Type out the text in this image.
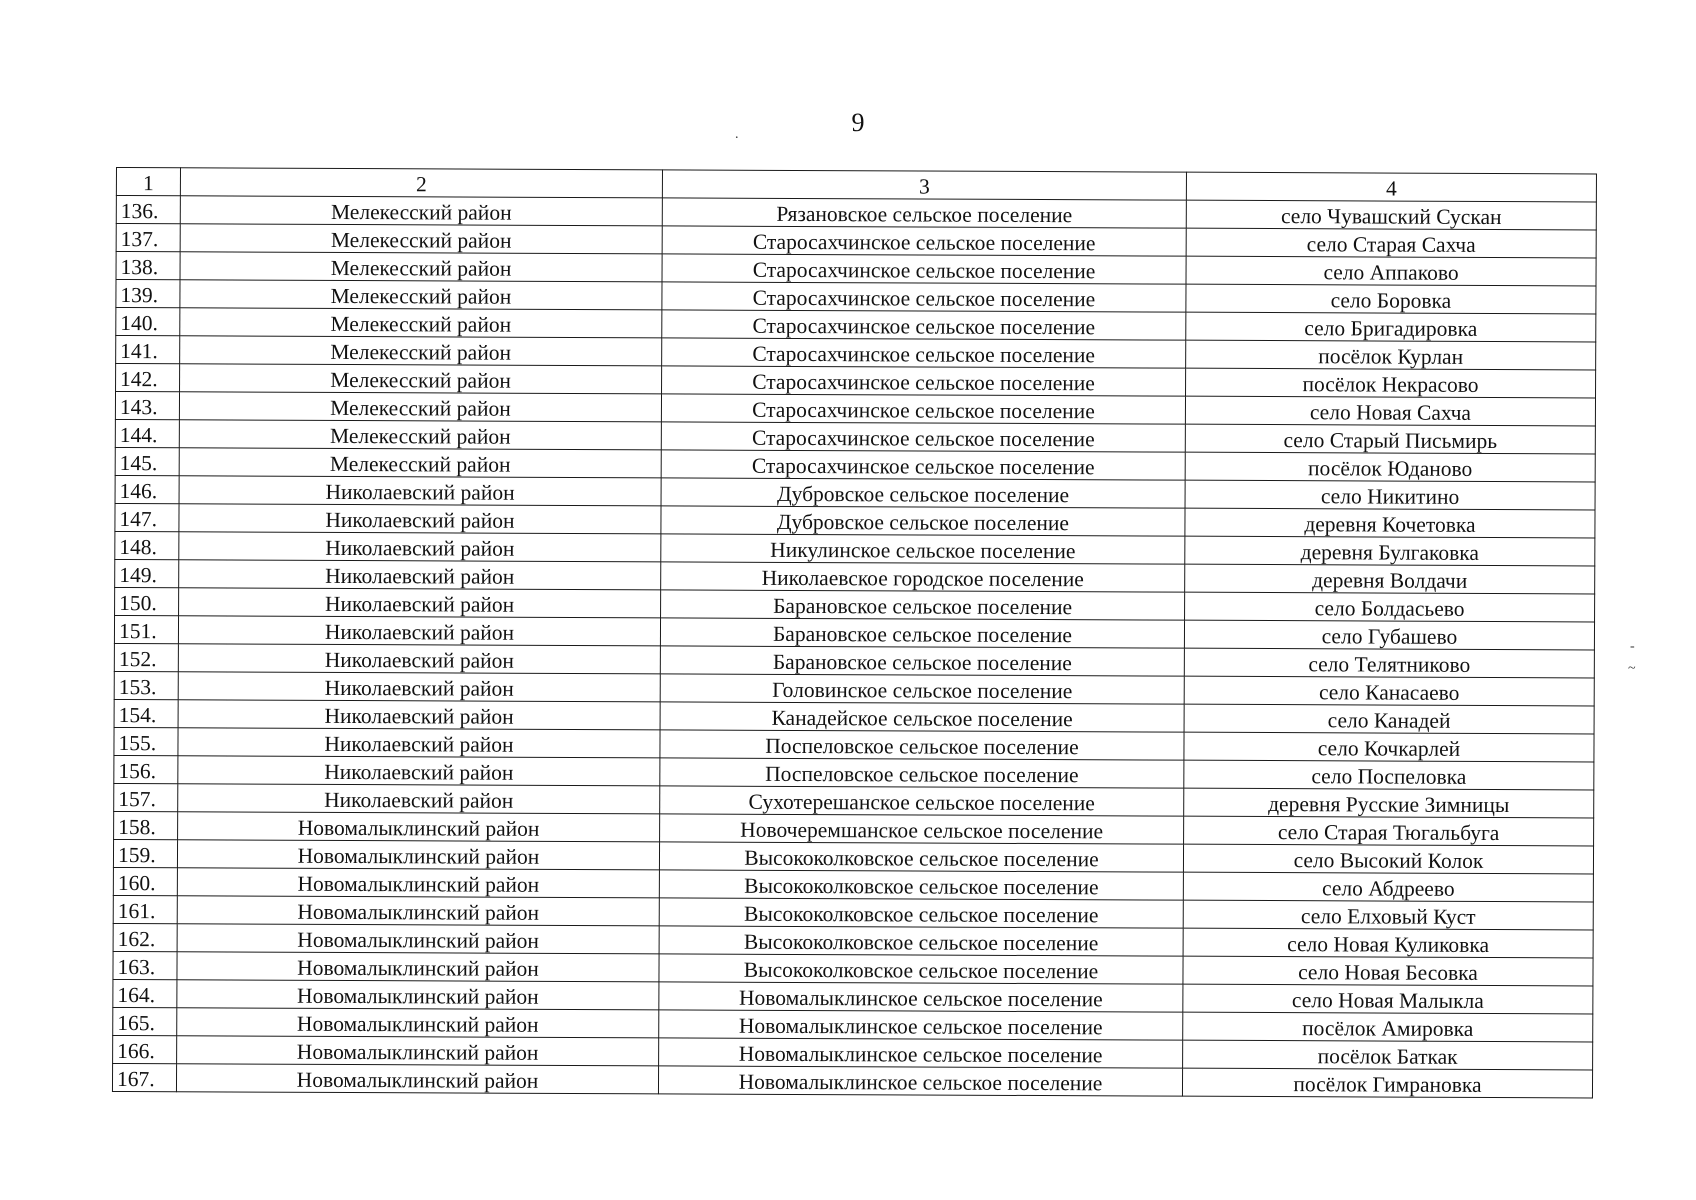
9
.
-
~
1	2	3	4
136.	Мелекесский район	Рязановское сельское поселение	село Чувашский Сускан
137.	Мелекесский район	Старосахчинское сельское поселение	село Старая Сахча
138.	Мелекесский район	Старосахчинское сельское поселение	село Аппаково
139.	Мелекесский район	Старосахчинское сельское поселение	село Боровка
140.	Мелекесский район	Старосахчинское сельское поселение	село Бригадировка
141.	Мелекесский район	Старосахчинское сельское поселение	посёлок Курлан
142.	Мелекесский район	Старосахчинское сельское поселение	посёлок Некрасово
143.	Мелекесский район	Старосахчинское сельское поселение	село Новая Сахча
144.	Мелекесский район	Старосахчинское сельское поселение	село Старый Письмирь
145.	Мелекесский район	Старосахчинское сельское поселение	посёлок Юданово
146.	Николаевский район	Дубровское сельское поселение	село Никитино
147.	Николаевский район	Дубровское сельское поселение	деревня Кочетовка
148.	Николаевский район	Никулинское сельское поселение	деревня Булгаковка
149.	Николаевский район	Николаевское городское поселение	деревня Волдачи
150.	Николаевский район	Барановское сельское поселение	село Болдасьево
151.	Николаевский район	Барановское сельское поселение	село Губашево
152.	Николаевский район	Барановское сельское поселение	село Телятниково
153.	Николаевский район	Головинское сельское поселение	село Канасаево
154.	Николаевский район	Канадейское сельское поселение	село Канадей
155.	Николаевский район	Поспеловское сельское поселение	село Кочкарлей
156.	Николаевский район	Поспеловское сельское поселение	село Поспеловка
157.	Николаевский район	Сухотерешанское сельское поселение	деревня Русские Зимницы
158.	Новомалыклинский район	Новочеремшанское сельское поселение	село Старая Тюгальбуга
159.	Новомалыклинский район	Высококолковское сельское поселение	село Высокий Колок
160.	Новомалыклинский район	Высококолковское сельское поселение	село Абдреево
161.	Новомалыклинский район	Высококолковское сельское поселение	село Елховый Куст
162.	Новомалыклинский район	Высококолковское сельское поселение	село Новая Куликовка
163.	Новомалыклинский район	Высококолковское сельское поселение	село Новая Бесовка
164.	Новомалыклинский район	Новомалыклинское сельское поселение	село Новая Малыкла
165.	Новомалыклинский район	Новомалыклинское сельское поселение	посёлок Амировка
166.	Новомалыклинский район	Новомалыклинское сельское поселение	посёлок Баткак
167.	Новомалыклинский район	Новомалыклинское сельское поселение	посёлок Гимрановка
